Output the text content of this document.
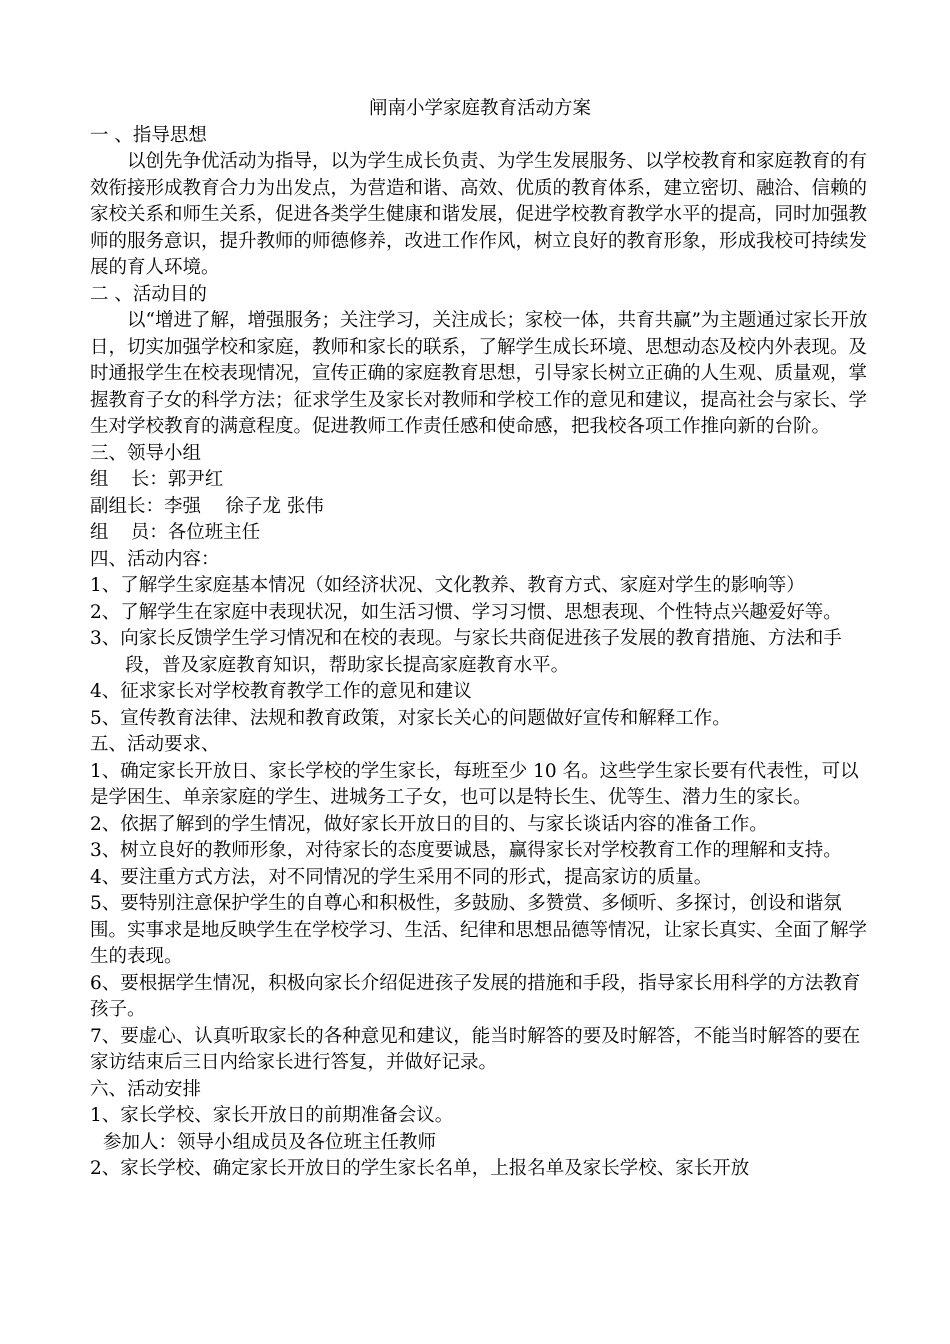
闸南小学家庭教育活动方案

一 、指导思想

以创先争优活动为指导，以为学生成长负责、为学生发展服务、以学校教育和家庭教育的有效衔接形成教育合力为出发点，为营造和谐、高效、优质的教育体系，建立密切、融洽、信赖的家校关系和师生关系，促进各类学生健康和谐发展，促进学校教育教学水平的提高，同时加强教师的服务意识，提升教师的师德修养，改进工作作风，树立良好的教育形象，形成我校可持续发展的育人环境。

二 、活动目的

以“增进了解，增强服务；关注学习，关注成长；家校一体，共育共赢”为主题通过家长开放日，切实加强学校和家庭，教师和家长的联系，了解学生成长环境、思想动态及校内外表现。及时通报学生在校表现情况，宣传正确的家庭教育思想，引导家长树立正确的人生观、质量观，掌握教育子女的科学方法；征求学生及家长对教师和学校工作的意见和建议，提高社会与家长、学生对学校教育的满意程度。促进教师工作责任感和使命感，把我校各项工作推向新的台阶。

三、领导小组

组 长：郭尹红

副组长：李强　 徐子龙 张伟

组 员：各位班主任

四、活动内容：

1、了解学生家庭基本情况（如经济状况、文化教养、教育方式、家庭对学生的影响等）

2、了解学生在家庭中表现状况，如生活习惯、学习习惯、思想表现、个性特点兴趣爱好等。

3、向家长反馈学生学习情况和在校的表现。与家长共商促进孩子发展的教育措施、方法和手段，普及家庭教育知识，帮助家长提高家庭教育水平。

4、征求家长对学校教育教学工作的意见和建议

5、宣传教育法律、法规和教育政策，对家长关心的问题做好宣传和解释工作。

五、活动要求、

1、确定家长开放日、家长学校的学生家长，每班至少 10 名。这些学生家长要有代表性，可以是学困生、单亲家庭的学生、进城务工子女，也可以是特长生、优等生、潜力生的家长。

2、依据了解到的学生情况，做好家长开放日的目的、与家长谈话内容的准备工作。

3、树立良好的教师形象，对待家长的态度要诚恳，赢得家长对学校教育工作的理解和支持。

4、要注重方式方法，对不同情况的学生采用不同的形式，提高家访的质量。

5、要特别注意保护学生的自尊心和积极性，多鼓励、多赞赏、多倾听、多探讨，创设和谐氛围。实事求是地反映学生在学校学习、生活、纪律和思想品德等情况，让家长真实、全面了解学生的表现。

6、要根据学生情况，积极向家长介绍促进孩子发展的措施和手段，指导家长用科学的方法教育孩子。

7、要虚心、认真听取家长的各种意见和建议，能当时解答的要及时解答，不能当时解答的要在家访结束后三日内给家长进行答复，并做好记录。

六、活动安排

1、家长学校、家长开放日的前期准备会议。

参加人：领导小组成员及各位班主任教师

2、家长学校、确定家长开放日的学生家长名单，上报名单及家长学校、家长开放
